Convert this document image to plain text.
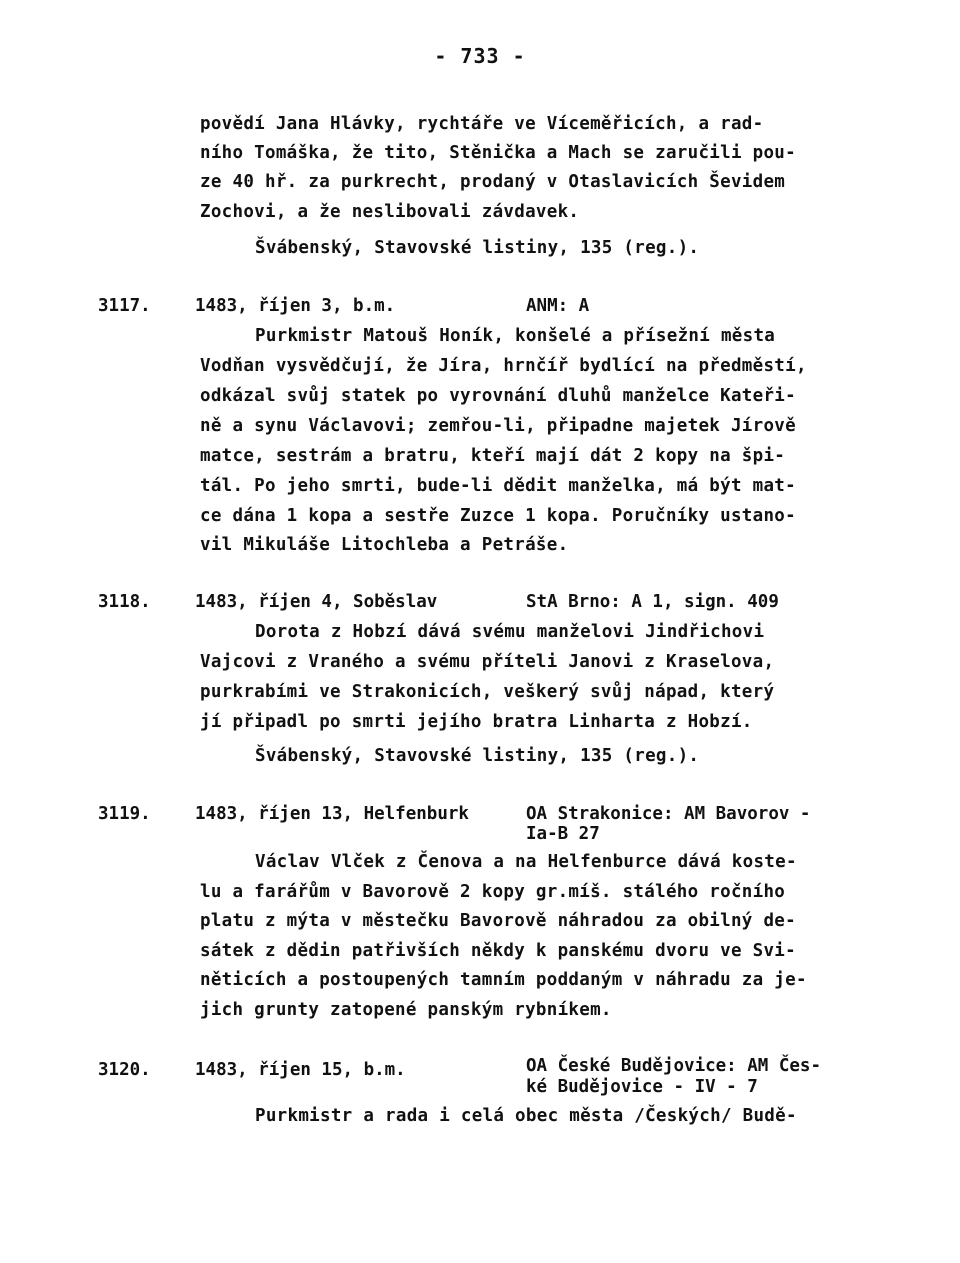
- 733 -
povědí Jana Hlávky, rychtáře ve Víceměřicích, a rad-
ního Tomáška, že tito, Stěnička a Mach se zaručili pou-
ze 40 hř. za purkrecht, prodaný v Otaslavicích Ševidem
Zochovi, a že neslibovali závdavek.
Švábenský, Stavovské listiny, 135 (reg.).
3117.	1483, říjen 3, b.m.	ANM: A
Purkmistr Matouš Honík, konšelé a přísežní města
Vodňan vysvědčují, že Jíra, hrnčíř bydlící na předměstí,
odkázal svůj statek po vyrovnání dluhů manželce Kateři-
ně a synu Václavovi; zemřou-li, připadne majetek Jírově
matce, sestrám a bratru, kteří mají dát 2 kopy na špi-
tál. Po jeho smrti, bude-li dědit manželka, má být mat-
ce dána 1 kopa a sestře Zuzce 1 kopa. Poručníky ustano-
vil Mikuláše Litochleba a Petráše.
3118.	1483, říjen 4, Soběslav	StA Brno: A 1, sign. 409
Dorota z Hobzí dává svému manželovi Jindřichovi
Vajcovi z Vraného a svému příteli Janovi z Kraselova,
purkrabími ve Strakonicích, veškerý svůj nápad, který
jí připadl po smrti jejího bratra Linharta z Hobzí.
Švábenský, Stavovské listiny, 135 (reg.).
3119.	1483, říjen 13, Helfenburk	OA Strakonice: AM Bavorov -
Ia-B 27
Václav Vlček z Čenova a na Helfenburce dává koste-
lu a farářům v Bavorově 2 kopy gr.míš. stálého ročního
platu z mýta v městečku Bavorově náhradou za obilný de-
sátek z dědin patřivších někdy k panskému dvoru ve Svi-
něticích a postoupených tamním poddaným v náhradu za je-
jich grunty zatopené panským rybníkem.
3120.	1483, říjen 15, b.m.	OA České Budějovice: AM Čes-
ké Budějovice - IV - 7
Purkmistr a rada i celá obec města /Českých/ Budě-
